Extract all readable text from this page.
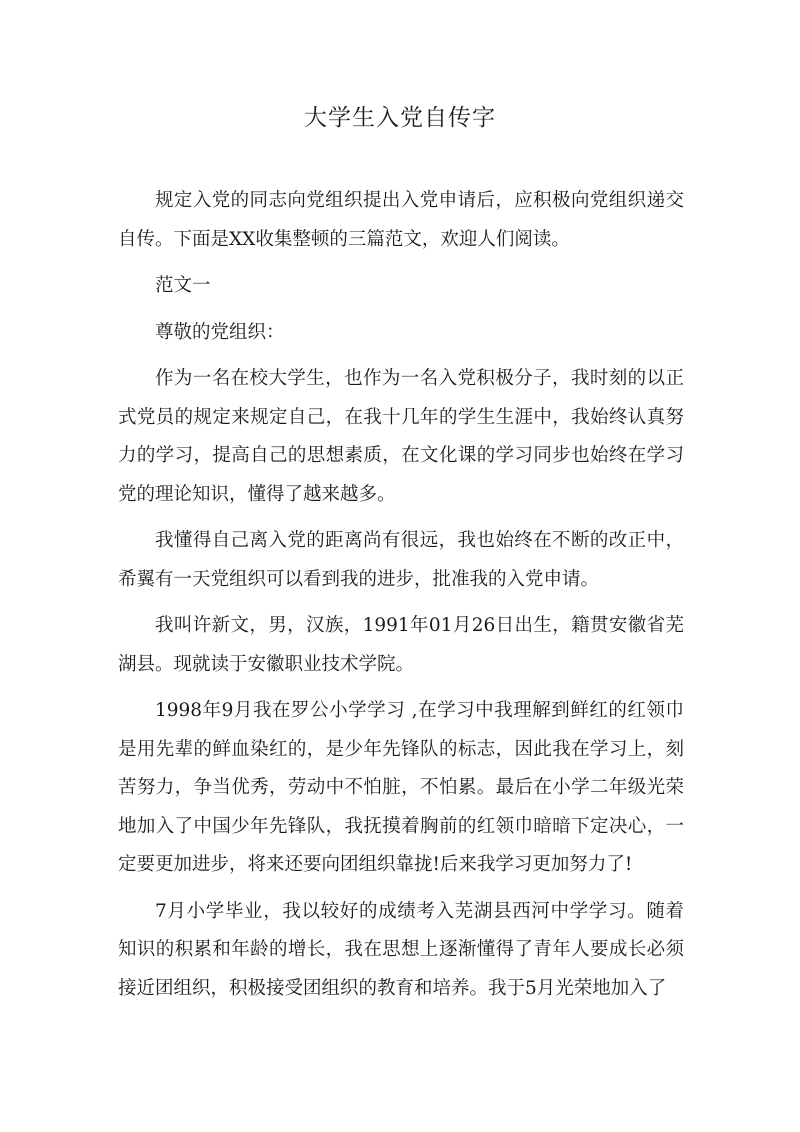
大学生入党自传字

规定入党的同志向党组织提出入党申请后，应积极向党组织递交自传。下面是XX收集整顿的三篇范文，欢迎人们阅读。

范文一

尊敬的党组织：

作为一名在校大学生，也作为一名入党积极分子，我时刻的以正式党员的规定来规定自己，在我十几年的学生生涯中，我始终认真努力的学习，提高自己的思想素质，在文化课的学习同步也始终在学习党的理论知识，懂得了越来越多。

我懂得自己离入党的距离尚有很远，我也始终在不断的改正中，希翼有一天党组织可以看到我的进步，批准我的入党申请。

我叫许新文，男，汉族，1991年01月26日出生，籍贯安徽省芜湖县。现就读于安徽职业技术学院。

1998年9月我在罗公小学学习 ,在学习中我理解到鲜红的红领巾是用先辈的鲜血染红的，是少年先锋队的标志，因此我在学习上，刻苦努力，争当优秀，劳动中不怕脏，不怕累。最后在小学二年级光荣地加入了中国少年先锋队，我抚摸着胸前的红领巾暗暗下定决心，一定要更加进步，将来还要向团组织靠拢!后来我学习更加努力了!

7月小学毕业，我以较好的成绩考入芜湖县西河中学学习。随着知识的积累和年龄的增长，我在思想上逐渐懂得了青年人要成长必须接近团组织，积极接受团组织的教育和培养。我于5月光荣地加入了
